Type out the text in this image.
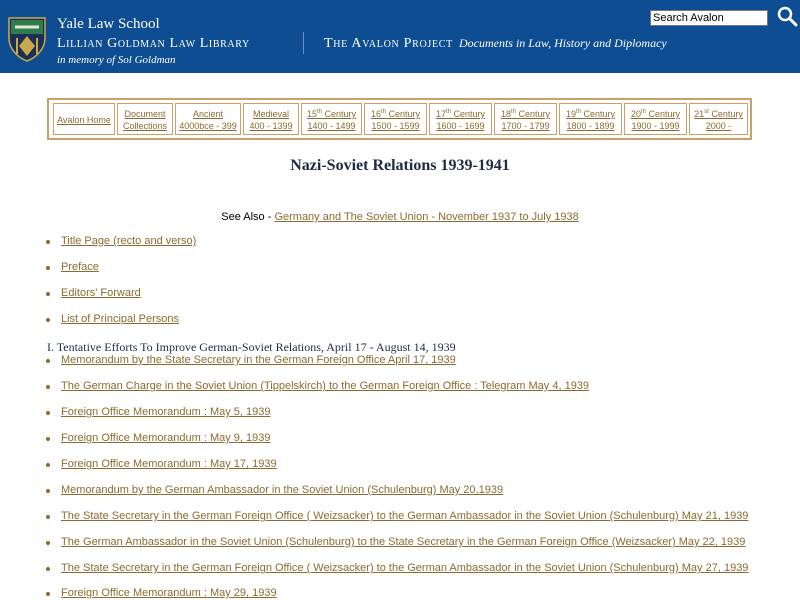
Yale Law School
Lillian Goldman Law Library
in memory of Sol Goldman
The Avalon Project Documents in Law, History and Diplomacy
Search Avalon
Avalon Home
Document
Collections
Ancient
4000bce - 399
Medieval
400 - 1399
15th Century
1400 - 1499
16th Century
1500 - 1599
17th Century
1600 - 1699
18th Century
1700 - 1799
19th Century
1800 - 1899
20th Century
1900 - 1999
21st Century
2000 -
Nazi-Soviet Relations 1939-1941
See Also - Germany and The Soviet Union - November 1937 to July 1938
Title Page (recto and verso)
Preface
Editors' Forward
List of Principal Persons
I. Tentative Efforts To Improve German-Soviet Relations, April 17 - August 14, 1939
Memorandum by the State Secretary in the German Foreign Office April 17, 1939
The German Charge in the Soviet Union (Tippelskirch) to the German Foreign Office : Telegram May 4, 1939
Foreign Office Memorandum : May 5, 1939
Foreign Office Memorandum : May 9, 1939
Foreign Office Memorandum : May 17, 1939
Memorandum by the German Ambassador in the Soviet Union (Schulenburg) May 20,1939
The State Secretary in the German Foreign Office ( Weizsacker) to the German Ambassador in the Soviet Union (Schulenburg) May 21, 1939
The German Ambassador in the Soviet Union (Schulenburg) to the State Secretary in the German Foreign Office (Weizsacker) May 22, 1939
The State Secretary in the German Foreign Office ( Weizsacker) to the German Ambassador in the Soviet Union (Schulenburg) May 27, 1939
Foreign Office Memorandum : May 29, 1939
